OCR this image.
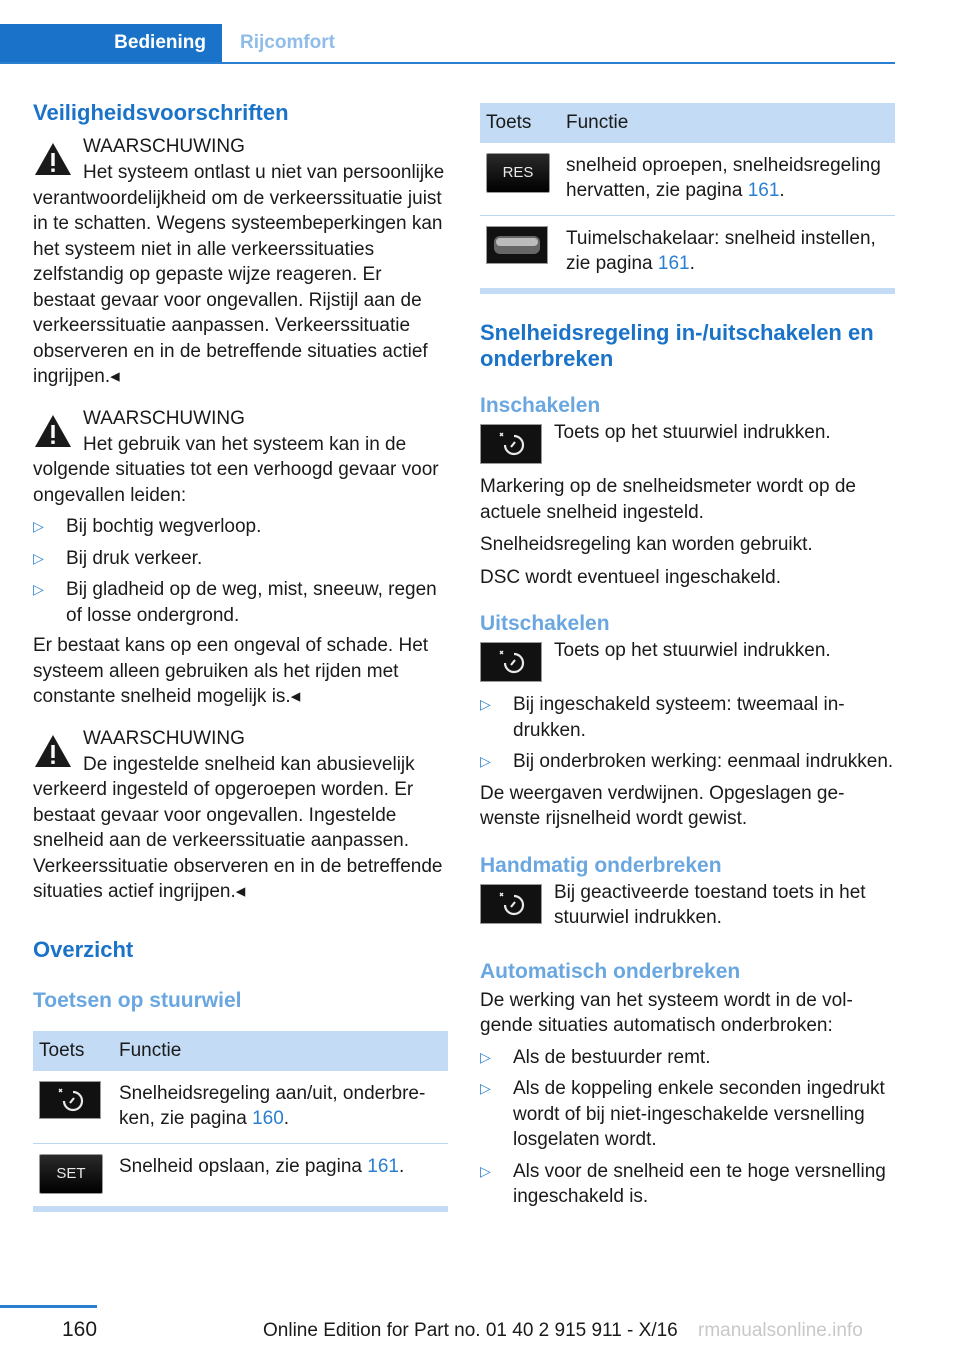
Bediening	Rijcomfort
Veiligheidsvoorschriften
WAARSCHUWING

Het systeem ontlast u niet van persoonlijke verantwoordelijkheid om de verkeerssituatie juist in te schatten. Wegens systeembeperkingen kan het systeem niet in alle verkeerssituaties zelfstandig op gepaste wijze reageren. Er bestaat gevaar voor ongevallen. Rijstijl aan de verkeerssituatie aanpassen. Verkeerssituatie observeren en in de betreffende situaties actief ingrijpen.◂

WAARSCHUWING

Het gebruik van het systeem kan in de volgende situaties tot een verhoogd gevaar voor ongevallen leiden:

▷ Bij bochtig wegverloop.
▷ Bij druk verkeer.
▷ Bij gladheid op de weg, mist, sneeuw, regen of losse ondergrond.

Er bestaat kans op een ongeval of schade. Het systeem alleen gebruiken als het rijden met constante snelheid mogelijk is.◂

WAARSCHUWING

De ingestelde snelheid kan abusievelijk verkeerd ingesteld of opgeroepen worden. Er bestaat gevaar voor ongevallen. Ingestelde snelheid aan de verkeerssituatie aanpassen. Verkeerssituatie observeren en in de betreffende situaties actief ingrijpen.◂

Overzicht
Toetsen op stuurwiel
Toets	Functie
	Snelheidsregeling aan/uit, onderbreken, zie pagina 160.

SET	Snelheid opslaan, zie pagina 161.
Toets	Functie

RES	snelheid oproepen, snelheidsregeling hervatten, zie pagina 161.
	Tuimelschakelaar: snelheid instellen, zie pagina 161.
Snelheidsregeling in-/uitschakelen en onderbreken
Inschakelen

Toets op het stuurwiel indrukken.

Markering op de snelheidsmeter wordt op de actuele snelheid ingesteld.

Snelheidsregeling kan worden gebruikt.

DSC wordt eventueel ingeschakeld.

Uitschakelen

Toets op het stuurwiel indrukken.

▷ Bij ingeschakeld systeem: tweemaal indrukken.
▷ Bij onderbroken werking: eenmaal indrukken.

De weergaven verdwijnen. Opgeslagen gewenste rijsnelheid wordt gewist.

Handmatig onderbreken

Bij geactiveerde toestand toets in het stuurwiel indrukken.

Automatisch onderbreken

De werking van het systeem wordt in de volgende situaties automatisch onderbroken:

▷ Als de bestuurder remt.
▷ Als de koppeling enkele seconden ingedrukt wordt of bij niet-ingeschakelde versnelling losgelaten wordt.
▷ Als voor de snelheid een te hoge versnelling ingeschakeld is.
160	Online Edition for Part no. 01 40 2 915 911 - X/16 rmanualsonline.info
